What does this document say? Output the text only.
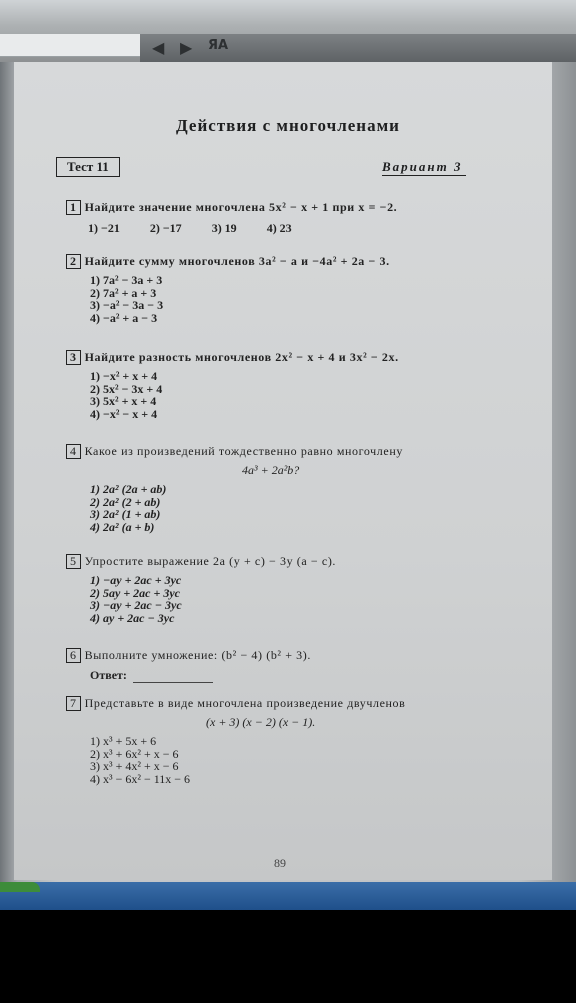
◀ ▶ ЯА
Действия с многочленами
Тест 11	Вариант 3
1 Найдите значение многочлена 5x² − x + 1 при x = −2.
1) −21	2) −17	3) 19	4) 23
2 Найдите сумму многочленов 3a² − a и −4a² + 2a − 3.
1) 7a² − 3a + 3
2) 7a² + a + 3
3) −a² − 3a − 3
4) −a² + a − 3
3 Найдите разность многочленов 2x² − x + 4 и 3x² − 2x.
1) −x² + x + 4
2) 5x² − 3x + 4
3) 5x² + x + 4
4) −x² − x + 4
4 Какое из произведений тождественно равно многочлену
4a³ + 2a²b?
1) 2a² (2a + ab)
2) 2a² (2 + ab)
3) 2a² (1 + ab)
4) 2a² (a + b)
5 Упростите выражение 2a (y + c) − 3y (a − c).
1) −ay + 2ac + 3yc
2) 5ay + 2ac + 3yc
3) −ay + 2ac − 3yc
4) ay + 2ac − 3yc
6 Выполните умножение: (b² − 4) (b² + 3).
Ответ:
7 Представьте в виде многочлена произведение двучленов
(x + 3) (x − 2) (x − 1).
1) x³ + 5x + 6
2) x³ + 6x² + x − 6
3) x³ + 4x² + x − 6
4) x³ − 6x² − 11x − 6
89
